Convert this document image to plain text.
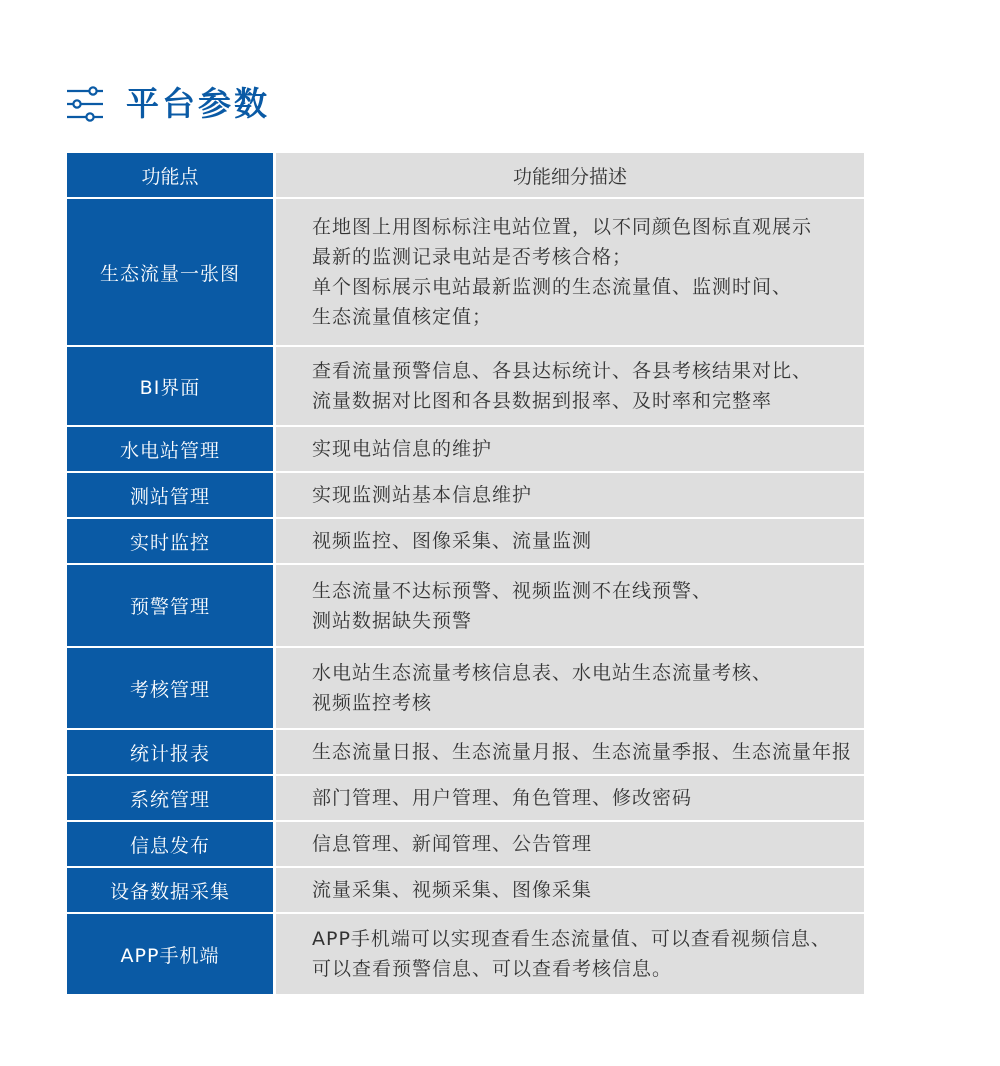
平台参数
功能点	功能细分描述
生态流量一张图	在地图上用图标标注电站位置，以不同颜色图标直观展示
最新的监测记录电站是否考核合格；
单个图标展示电站最新监测的生态流量值、监测时间、
生态流量值核定值；

BI界面	查看流量预警信息、各县达标统计、各县考核结果对比、
流量数据对比图和各县数据到报率、及时率和完整率

水电站管理	实现电站信息的维护

测站管理	实现监测站基本信息维护

实时监控	视频监控、图像采集、流量监测

预警管理	生态流量不达标预警、视频监测不在线预警、
测站数据缺失预警

考核管理	水电站生态流量考核信息表、水电站生态流量考核、
视频监控考核

统计报表	生态流量日报、生态流量月报、生态流量季报、生态流量年报

系统管理	部门管理、用户管理、角色管理、修改密码

信息发布	信息管理、新闻管理、公告管理

设备数据采集	流量采集、视频采集、图像采集

APP手机端	APP手机端可以实现查看生态流量值、可以查看视频信息、
可以查看预警信息、可以查看考核信息。
